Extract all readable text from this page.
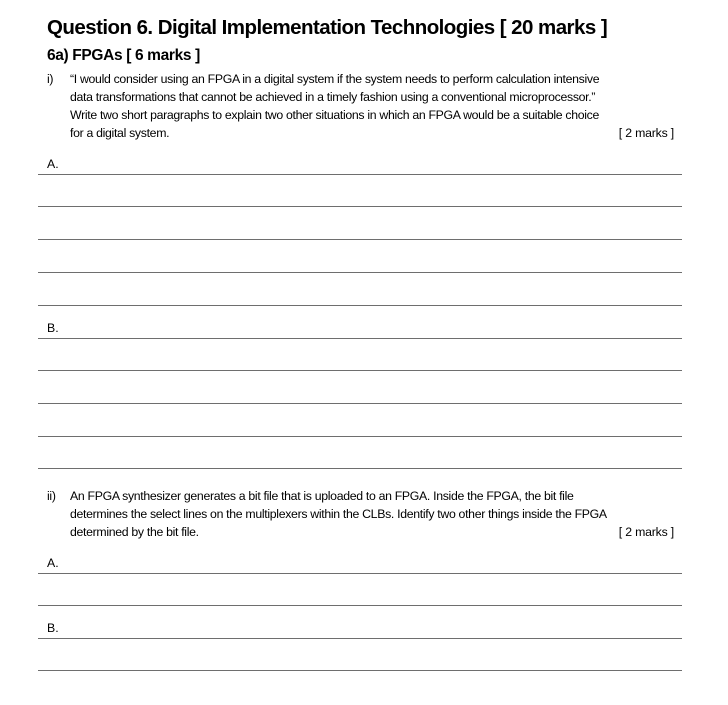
Question 6. Digital Implementation Technologies [ 20 marks ]
6a) FPGAs [ 6 marks ]
i) “I would consider using an FPGA in a digital system if the system needs to perform calculation intensive
data transformations that cannot be achieved in a timely fashion using a conventional microprocessor.”
Write two short paragraphs to explain two other situations in which an FPGA would be a suitable choice
for a digital system.	[ 2 marks ]
A.
B.
ii) An FPGA synthesizer generates a bit file that is uploaded to an FPGA. Inside the FPGA, the bit file
determines the select lines on the multiplexers within the CLBs. Identify two other things inside the FPGA
determined by the bit file.	[ 2 marks ]
A.
B.
